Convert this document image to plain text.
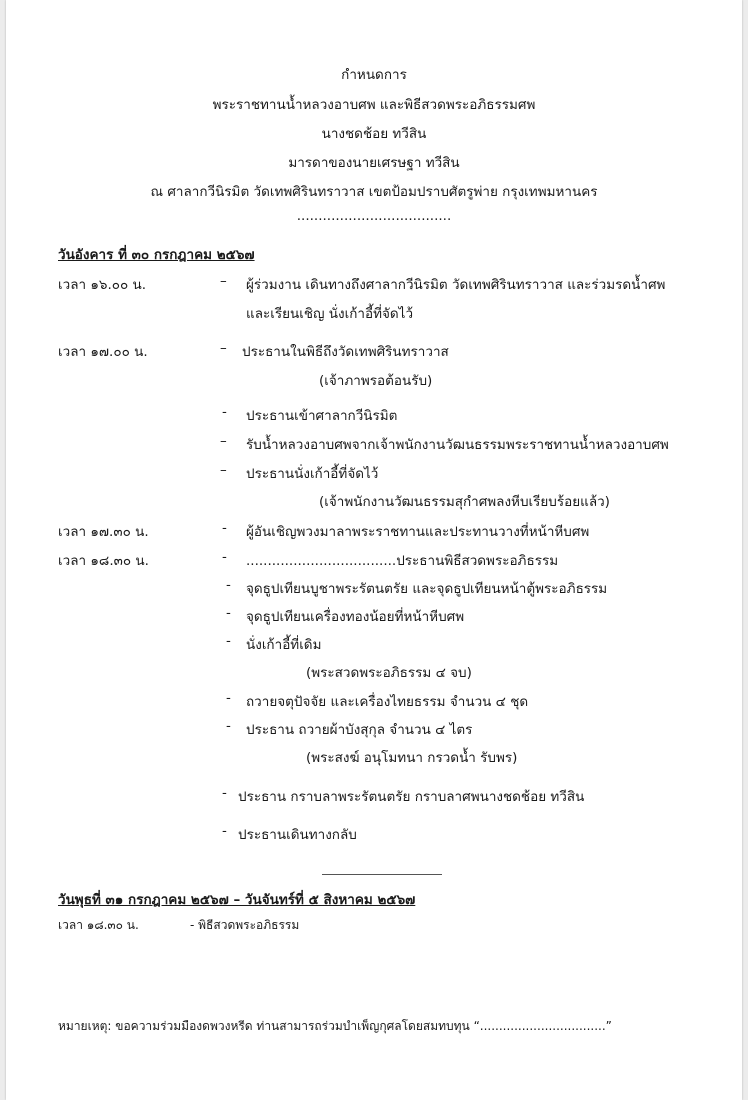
กำหนดการ
พระราชทานน้ำหลวงอาบศพ และพิธีสวดพระอภิธรรมศพ
นางชดช้อย ทวีสิน
มารดาของนายเศรษฐา ทวีสิน
ณ ศาลากวีนิรมิต วัดเทพศิรินทราวาส เขตป้อมปราบศัตรูพ่าย กรุงเทพมหานคร
....................................
วันอังคาร ที่ ๓๐ กรกฎาคม ๒๕๖๗
เวลา ๑๖.๐๐ น.	– ผู้ร่วมงาน เดินทางถึงศาลากวีนิรมิต วัดเทพศิรินทราวาส และร่วมรดน้ำศพ
และเรียนเชิญ นั่งเก้าอี้ที่จัดไว้
เวลา ๑๗.๐๐ น.	– ประธานในพิธีถึงวัดเทพศิรินทราวาส
(เจ้าภาพรอต้อนรับ)
- ประธานเข้าศาลากวีนิรมิต
– รับน้ำหลวงอาบศพจากเจ้าพนักงานวัฒนธรรมพระราชทานน้ำหลวงอาบศพ
– ประธานนั่งเก้าอี้ที่จัดไว้
(เจ้าพนักงานวัฒนธรรมสุกำศพลงหีบเรียบร้อยแล้ว)
เวลา ๑๗.๓๐ น.	- ผู้อันเชิญพวงมาลาพระราชทานและประทานวางที่หน้าหีบศพ
เวลา ๑๘.๓๐ น.	- ...................................ประธานพิธีสวดพระอภิธรรม
- จุดธูปเทียนบูชาพระรัตนตรัย และจุดธูปเทียนหน้าตู้พระอภิธรรม
- จุดธูปเทียนเครื่องทองน้อยที่หน้าหีบศพ
- นั่งเก้าอี้ที่เดิม
(พระสวดพระอภิธรรม ๔ จบ)
- ถวายจตุปัจจัย และเครื่องไทยธรรม จำนวน ๔ ชุด
- ประธาน ถวายผ้าบังสุกุล จำนวน ๔ ไตร
(พระสงฆ์ อนุโมทนา กรวดน้ำ รับพร)
- ประธาน กราบลาพระรัตนตรัย กราบลาศพนางชดช้อย ทวีสิน
- ประธานเดินทางกลับ
วันพุธที่ ๓๑ กรกฎาคม ๒๕๖๗ – วันจันทร์ที่ ๕ สิงหาคม ๒๕๖๗
เวลา ๑๘.๓๐ น.	- พิธีสวดพระอภิธรรม
หมายเหตุ: ขอความร่วมมืองดพวงหรีด ท่านสามารถร่วมบำเพ็ญกุศลโดยสมทบทุน “.................................”
